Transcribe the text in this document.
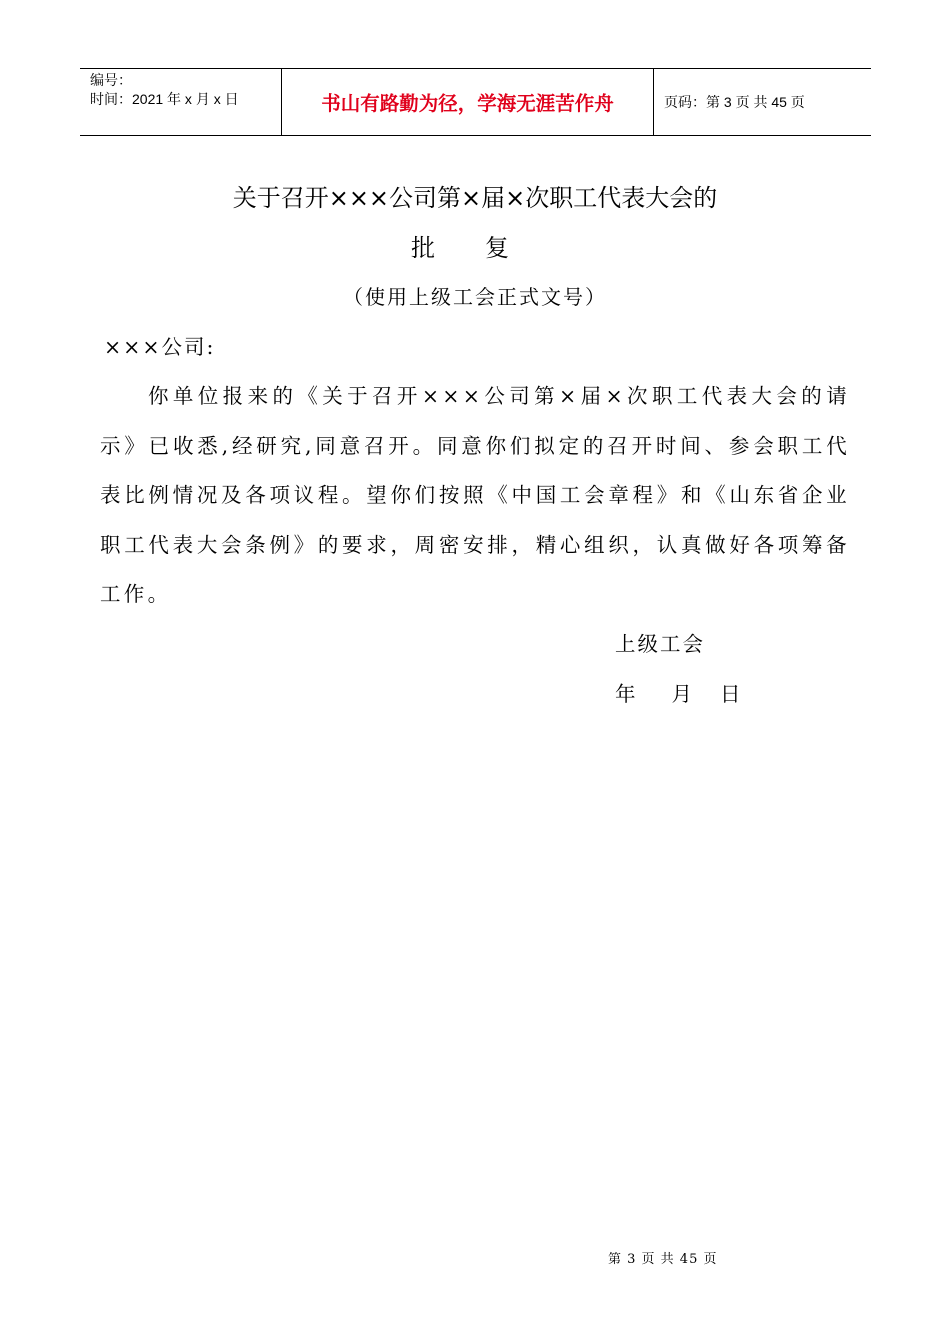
编号：
时间：2021 年 x 月 x 日	书山有路勤为径，学海无涯苦作舟	页码：第 3 页 共 45 页
关于召开×××公司第×届×次职工代表大会的
批复
（使用上级工会正式文号）
×××公司:
你单位报来的《关于召开×××公司第×届×次职工代表大会的请示》已收悉,经研究,同意召开。同意你们拟定的召开时间、参会职工代表比例情况及各项议程。望你们按照《中国工会章程》和《山东省企业职工代表大会条例》的要求，周密安排，精心组织，认真做好各项筹备工作。
上级工会
年 月 日
第 3 页 共 45 页
